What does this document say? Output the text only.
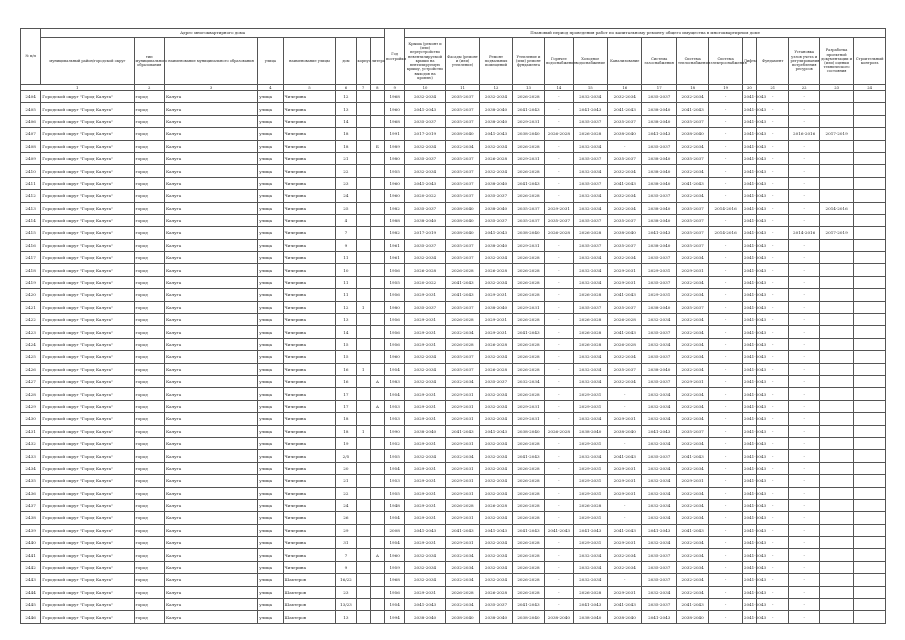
№ п/п	Адрес многоквартирного дома								Год постройки	Плановый период проведения работ по капитальному ремонту общего имущества в многоквартирном доме														
	муниципальный район/городской округ	тип муниципального образования	наименование муниципального образования	улица	наименование улицы	дом	корпус	литера		Крыша (ремонт и (или) переустройство невентилируемой крыши на вентилируемую крышу, устройство выходов на кровлю)	Фасады (ремонт и (или) утепление)	Ремонт подвальных помещений	Утепление и (или) ремонт фундамента	Горячее водоснабжение	Холодное водоснабжение	Канализование	Система газоснабжения	Система теплоснабжения	Система электроснабжения	Лифты	Фундамент	Установка узлов учета и регулирования потребления ресурсов	Разработка проектной документации и (или) оценки технического состояния	Строительный контроль
1		2	3	4	5	6	7	8	9	10	11	12	13	14	15	16	17	18	19	20	21	22	23	24
2404	Городской округ "Город Калуга"	город	Калуга	улица	Чичерина	12			1968	2032-2034	2035-2037	2032-2034	2026-2028	-	2032-2034	2032-2034	2035-2037	2032-2034	-	2041-2043	-	-		
2405	Городской округ "Город Калуга"	город	Калуга	улица	Чичерина	13			1960	2041-2043	2035-2037	2038-2040	2041-2043	-	2041-2043	2041-2043	2038-2040	2041-2043	-	2041-2043	-	-		
2406	Городской округ "Город Калуга"	город	Калуга	улица	Чичерина	14			1968	2035-2037	2035-2037	2038-2040	2029-2031	-	2035-2037	2035-2037	2038-2040	2035-2037	-	2041-2043	-	-		
2407	Городской округ "Город Калуга"	город	Калуга	улица	Чичерина	18			1991	2017-2019	2038-2040	2041-2043	2038-2040	2026-2028	2026-2028	2038-2040	2041-2043	2038-2040	-	2041-2043	-	2016-2016	2017-2019	
2408	Городской округ "Город Калуга"	город	Калуга	улица	Чичерина	18		Б	1989	2032-2034	2032-2034	2032-2034	2026-2028	-	2032-2034	-	2035-2037	2032-2034	-	2041-2043	-	-		
2409	Городской округ "Город Калуга"	город	Калуга	улица	Чичерина	21			1980	2035-2037	2035-2037	2026-2028	2029-2031	-	2035-2037	2035-2037	2038-2040	2035-2037	-	2041-2043	-	-		
2410	Городской округ "Город Калуга"	город	Калуга	улица	Чичерина	22			1955	2032-2034	2035-2037	2032-2034	2026-2028	-	2032-2034	2032-2034	2038-2040	2032-2034	-	2041-2043	-	-		
2411	Городской округ "Город Калуга"	город	Калуга	улица	Чичерина	23			1960	2041-2043	2035-2037	2038-2040	2041-2043	-	2035-2037	2041-2043	2038-2040	2041-2043	-	2041-2043	-	-		
2412	Городской округ "Город Калуга"	город	Калуга	улица	Чичерина	24			1960	2020-2022	2035-2037	2035-2037	2026-2028	-	2032-2034	2032-2034	2035-2037	2032-2034	-	2041-2043	-	-		
2413	Городской округ "Город Калуга"	город	Калуга	улица	Чичерина	25			1982	2035-2037	2038-2040	2038-2040	2035-2037	2029-2031	2032-2034	2032-2034	2038-2040	2035-2037	2014-2016	2041-2043	-	-	2014-2016	
2414	Городской округ "Город Калуга"	город	Калуга	улица	Чичерина	4			1988	2038-2040	2038-2040	2035-2037	2035-2037	2035-2037	2035-2037	2035-2037	2038-2040	2035-2037	-	2041-2043	-	-		
2415	Городской округ "Город Калуга"	город	Калуга	улица	Чичерина	7			1982	2017-2019	2038-2040	2041-2043	2038-2040	2026-2028	2026-2028	2038-2040	2041-2043	2035-2037	2014-2016	2041-2043	-	2014-2016	2017-2019	
2416	Городской округ "Город Калуга"	город	Калуга	улица	Чичерина	9			1961	2035-2037	2035-2037	2038-2040	2029-2031	-	2035-2037	2035-2037	2038-2040	2035-2037	-	2041-2043	-	-		
2417	Городской округ "Город Калуга"	город	Калуга	улица	Чичерина	11			1961	2032-2034	2035-2037	2032-2034	2026-2028	-	2032-2034	2032-2034	2035-2037	2032-2034	-	2041-2043	-	-		
2418	Городской округ "Город Калуга"	город	Калуга	улица	Чичерина	10			1956	2026-2028	2026-2028	2026-2028	2026-2028	-	2032-2034	2029-2031	2029-2031	2029-2031	-	2041-2043	-	-		
2419	Городской округ "Город Калуга"	город	Калуга	улица	Чичерина	11			1955	2020-2022	2041-2043	2032-2034	2026-2028	-	2032-2034	2029-2031	2035-2037	2032-2034	-	2041-2043	-	-		
2420	Городской округ "Город Калуга"	город	Калуга	улица	Чичерина	11			1956	2029-2031	2041-2043	2029-2031	2026-2028	-	2026-2028	2041-2043	2029-2031	2032-2034	-	2041-2043	-	-		
2421	Городской округ "Город Калуга"	город	Калуга	улица	Чичерина	12	1		1980	2035-2037	2035-2037	2038-2040	2029-2031	-	2035-2037	2035-2037	2038-2040	2035-2037	-	2041-2043	-	-		
2422	Городской округ "Город Калуга"	город	Калуга	улица	Чичерина	13			1956	2029-2031	2026-2028	2029-2031	2026-2028	-	2026-2028	2026-2028	2032-2034	2032-2034	-	2041-2043	-	-		
2423	Городской округ "Город Калуга"	город	Калуга	улица	Чичерина	14			1956	2029-2031	2032-2034	2029-2031	2041-2043	-	2026-2028	2041-2043	2035-2037	2032-2034	-	2041-2043	-	-		
2424	Городской округ "Город Калуга"	город	Калуга	улица	Чичерина	15			1956	2029-2031	2026-2028	2026-2028	2026-2028	-	2026-2028	2026-2028	2032-2034	2032-2034	-	2041-2043	-	-		
2425	Городской округ "Город Калуга"	город	Калуга	улица	Чичерина	15			1960	2032-2034	2035-2037	2032-2034	2026-2028	-	2032-2034	2032-2034	2035-2037	2032-2034	-	2041-2043	-	-		
2426	Городской округ "Город Калуга"	город	Калуга	улица	Чичерина	16	1		1954	2032-2034	2035-2037	2026-2028	2026-2028	-	2032-2034	2035-2037	2038-2040	2032-2034	-	2041-2043	-	-		
2427	Городской округ "Город Калуга"	город	Калуга	улица	Чичерина	16		А	1983	2032-2034	2032-2034	2035-2037	2032-2034	-	2032-2034	2032-2034	2035-2037	2029-2031	-	2041-2043	-	-		
2428	Городской округ "Город Калуга"	город	Калуга	улица	Чичерина	17			1954	2029-2031	2029-2031	2032-2034	2026-2028	-	2029-2031	-	2032-2034	2032-2034	-	2041-2043	-	-		
2429	Городской округ "Город Калуга"	город	Калуга	улица	Чичерина	17		А	1953	2029-2031	2029-2031	2032-2034	2029-2031	-	2029-2031	-	2032-2034	2032-2034	-	2041-2043	-	-		
2430	Городской округ "Город Калуга"	город	Калуга	улица	Чичерина	18			1953	2029-2031	2029-2031	2032-2034	2029-2031	-	2032-2034	2029-2031	2032-2034	2032-2034	-	2041-2043	-	-		
2431	Городской округ "Город Калуга"	город	Калуга	улица	Чичерина	18	1		1990	2038-2040	2041-2043	2041-2043	2038-2040	2026-2028	2038-2040	2038-2040	2041-2043	2035-2037	-	2041-2043	-	-		
2432	Городской округ "Город Калуга"	город	Калуга	улица	Чичерина	19			1952	2029-2031	2029-2031	2032-2034	2026-2028	-	2029-2031	-	2032-2034	2032-2034	-	2041-2043	-	-		
2433	Городской округ "Город Калуга"	город	Калуга	улица	Чичерина	2/5			1955	2032-2034	2032-2034	2032-2034	2041-2043	-	2032-2034	2041-2043	2035-2037	2041-2043	-	2041-2043	-	-		
2434	Городской округ "Город Калуга"	город	Калуга	улица	Чичерина	20			1954	2029-2031	2029-2031	2032-2034	2026-2028	-	2029-2031	2029-2031	2032-2034	2032-2034	-	2041-2043	-	-		
2435	Городской округ "Город Калуга"	город	Калуга	улица	Чичерина	21			1953	2029-2031	2029-2031	2032-2034	2026-2028	-	2029-2031	2029-2031	2032-2034	2029-2031	-	2041-2043	-	-		
2436	Городской округ "Город Калуга"	город	Калуга	улица	Чичерина	22			1955	2029-2031	2029-2031	2032-2034	2026-2028	-	2029-2031	2029-2031	2032-2034	2032-2034	-	2041-2043	-	-		
2437	Городской округ "Город Калуга"	город	Калуга	улица	Чичерина	24			1948	2029-2031	2026-2028	2026-2028	2026-2028	-	2026-2028	-	2032-2034	2032-2034	-	2041-2043	-	-		
2438	Городской округ "Город Калуга"	город	Калуга	улица	Чичерина	26			1954	2029-2031	2029-2031	2032-2034	2026-2028	-	2029-2031	-	2032-2034	2032-2034	-	2041-2043	-	-		
2439	Городской округ "Город Калуга"	город	Калуга	улица	Чичерина	29			2008	2041-2043	2041-2043	2041-2043	2041-2043	2041-2043	2041-2043	2041-2043	2041-2043	2041-2043	-	2041-2043	-	-		
2440	Городской округ "Город Калуга"	город	Калуга	улица	Чичерина	31			1954	2029-2031	2029-2031	2032-2034	2026-2028	-	2029-2031	2029-2031	2032-2034	2032-2034	-	2041-2043	-	-		
2441	Городской округ "Город Калуга"	город	Калуга	улица	Чичерина	7		А	1960	2032-2034	2032-2034	2032-2034	2026-2028	-	2032-2034	2032-2034	2035-2037	2032-2034	-	2041-2043	-	-		
2442	Городской округ "Город Калуга"	город	Калуга	улица	Чичерина	9			1959	2032-2034	2032-2034	2032-2034	2026-2028	-	2032-2034	2032-2034	2035-2037	2032-2034	-	2041-2043	-	-		
2443	Городской округ "Город Калуга"	город	Калуга	улица	Шахтеров	16/22			1968	2032-2034	2032-2034	2032-2034	2026-2028	-	2032-2034	-	2035-2037	2032-2034	-	2041-2043	-	-		
2444	Городской округ "Город Калуга"	город	Калуга	улица	Шахтеров	23			1956	2029-2031	2026-2028	2026-2028	2026-2028	-	2026-2028	2029-2031	2032-2034	2032-2034	-	2041-2043	-	-		
2445	Городской округ "Город Калуга"	город	Калуга	улица	Шахтеров	13/23			1954	2041-2043	2032-2034	2035-2037	2041-2043	-	2041-2043	2041-2043	2035-2037	2041-2043	-	2041-2043	-	-		
2446	Городской округ "Город Калуга"	город	Калуга	улица	Шахтеров	13			1994	2038-2040	2038-2040	2038-2040	2038-2040	2038-2040	2038-2040	2038-2040	2041-2043	2038-2040	-	2041-2043	-	-		
